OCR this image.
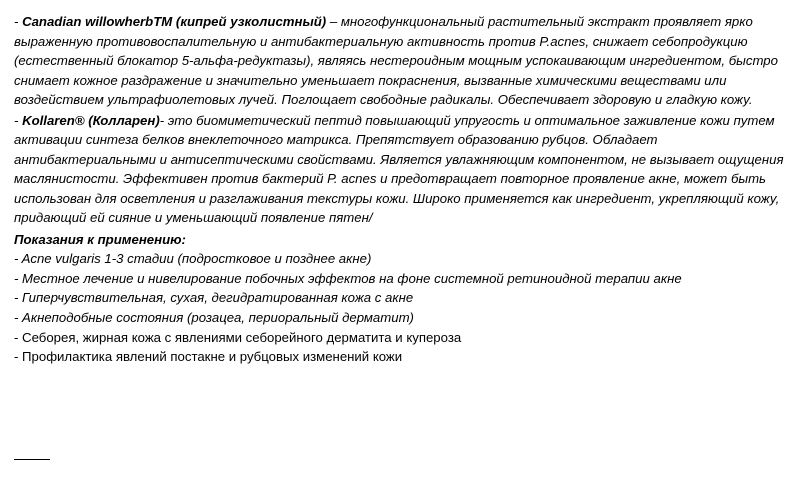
- Canadian willowherbTM (кипрей узколистный) – многофункциональный растительный экстракт проявляет ярко выраженную противовоспалительную и антибактериальную активность против P.acnes, снижает себопродукцию (естественный блокатор 5-альфа-редуктазы), являясь нестероидным мощным успокаивающим ингредиентом, быстро снимает кожное раздражение и значительно уменьшает покраснения, вызванные химическими веществами или воздействием ультрафиолетовых лучей. Поглощает свободные радикалы. Обеспечивает здоровую и гладкую кожу.

- Kollaren® (Колларен)- это биомиметический пептид повышающий упругость и оптимальное заживление кожи путем активации синтеза белков внеклеточного матрикса. Препятствует образованию рубцов. Обладает антибактериальными и антисептическими свойствами. Является увлажняющим компонентом, не вызывает ощущения маслянистости. Эффективен против бактерий Р. acnes и предотвращает повторное проявление акне, может быть использован для осветления и разглаживания текстуры кожи. Широко применяется как ингредиент, укрепляющий кожу, придающий ей сияние и уменьшающий появление пятен/

Показания к применению:

- Acne vulgaris 1-3 стадии (подростковое и позднее акне)
- Местное лечение и нивелирование побочных эффектов на фоне системной ретиноидной терапии акне
- Гиперчувствительная, сухая, дегидратированная кожа с акне
- Акнеподобные состояния (розацеа, периоральный дерматит)
- Себорея, жирная кожа с явлениями себорейного дерматита и купероза
- Профилактика явлений постакне и рубцовых изменений кожи
